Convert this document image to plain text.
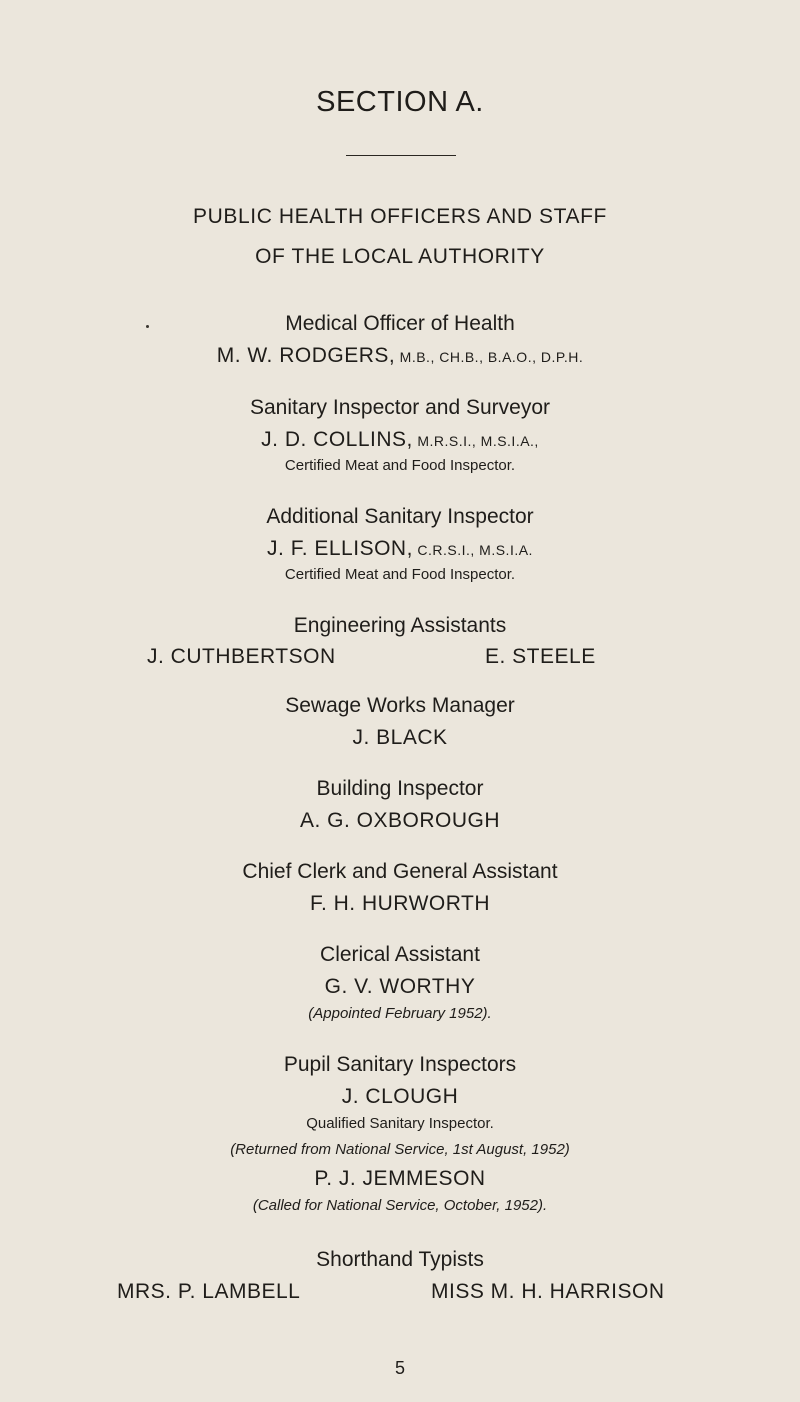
SECTION A.
PUBLIC HEALTH OFFICERS AND STAFF
OF THE LOCAL AUTHORITY
Medical Officer of Health
M. W. RODGERS, M.B., CH.B., B.A.O., D.P.H.
Sanitary Inspector and Surveyor
J. D. COLLINS, M.R.S.I., M.S.I.A.,
Certified Meat and Food Inspector.
Additional Sanitary Inspector
J. F. ELLISON, C.R.S.I., M.S.I.A.
Certified Meat and Food Inspector.
Engineering Assistants
J. CUTHBERTSON	E. STEELE
Sewage Works Manager
J. BLACK
Building Inspector
A. G. OXBOROUGH
Chief Clerk and General Assistant
F. H. HURWORTH
Clerical Assistant
G. V. WORTHY
(Appointed February 1952).
Pupil Sanitary Inspectors
J. CLOUGH
Qualified Sanitary Inspector.
(Returned from National Service, 1st August, 1952)
P. J. JEMMESON
(Called for National Service, October, 1952).
Shorthand Typists
MRS. P. LAMBELL	MISS M. H. HARRISON
5
